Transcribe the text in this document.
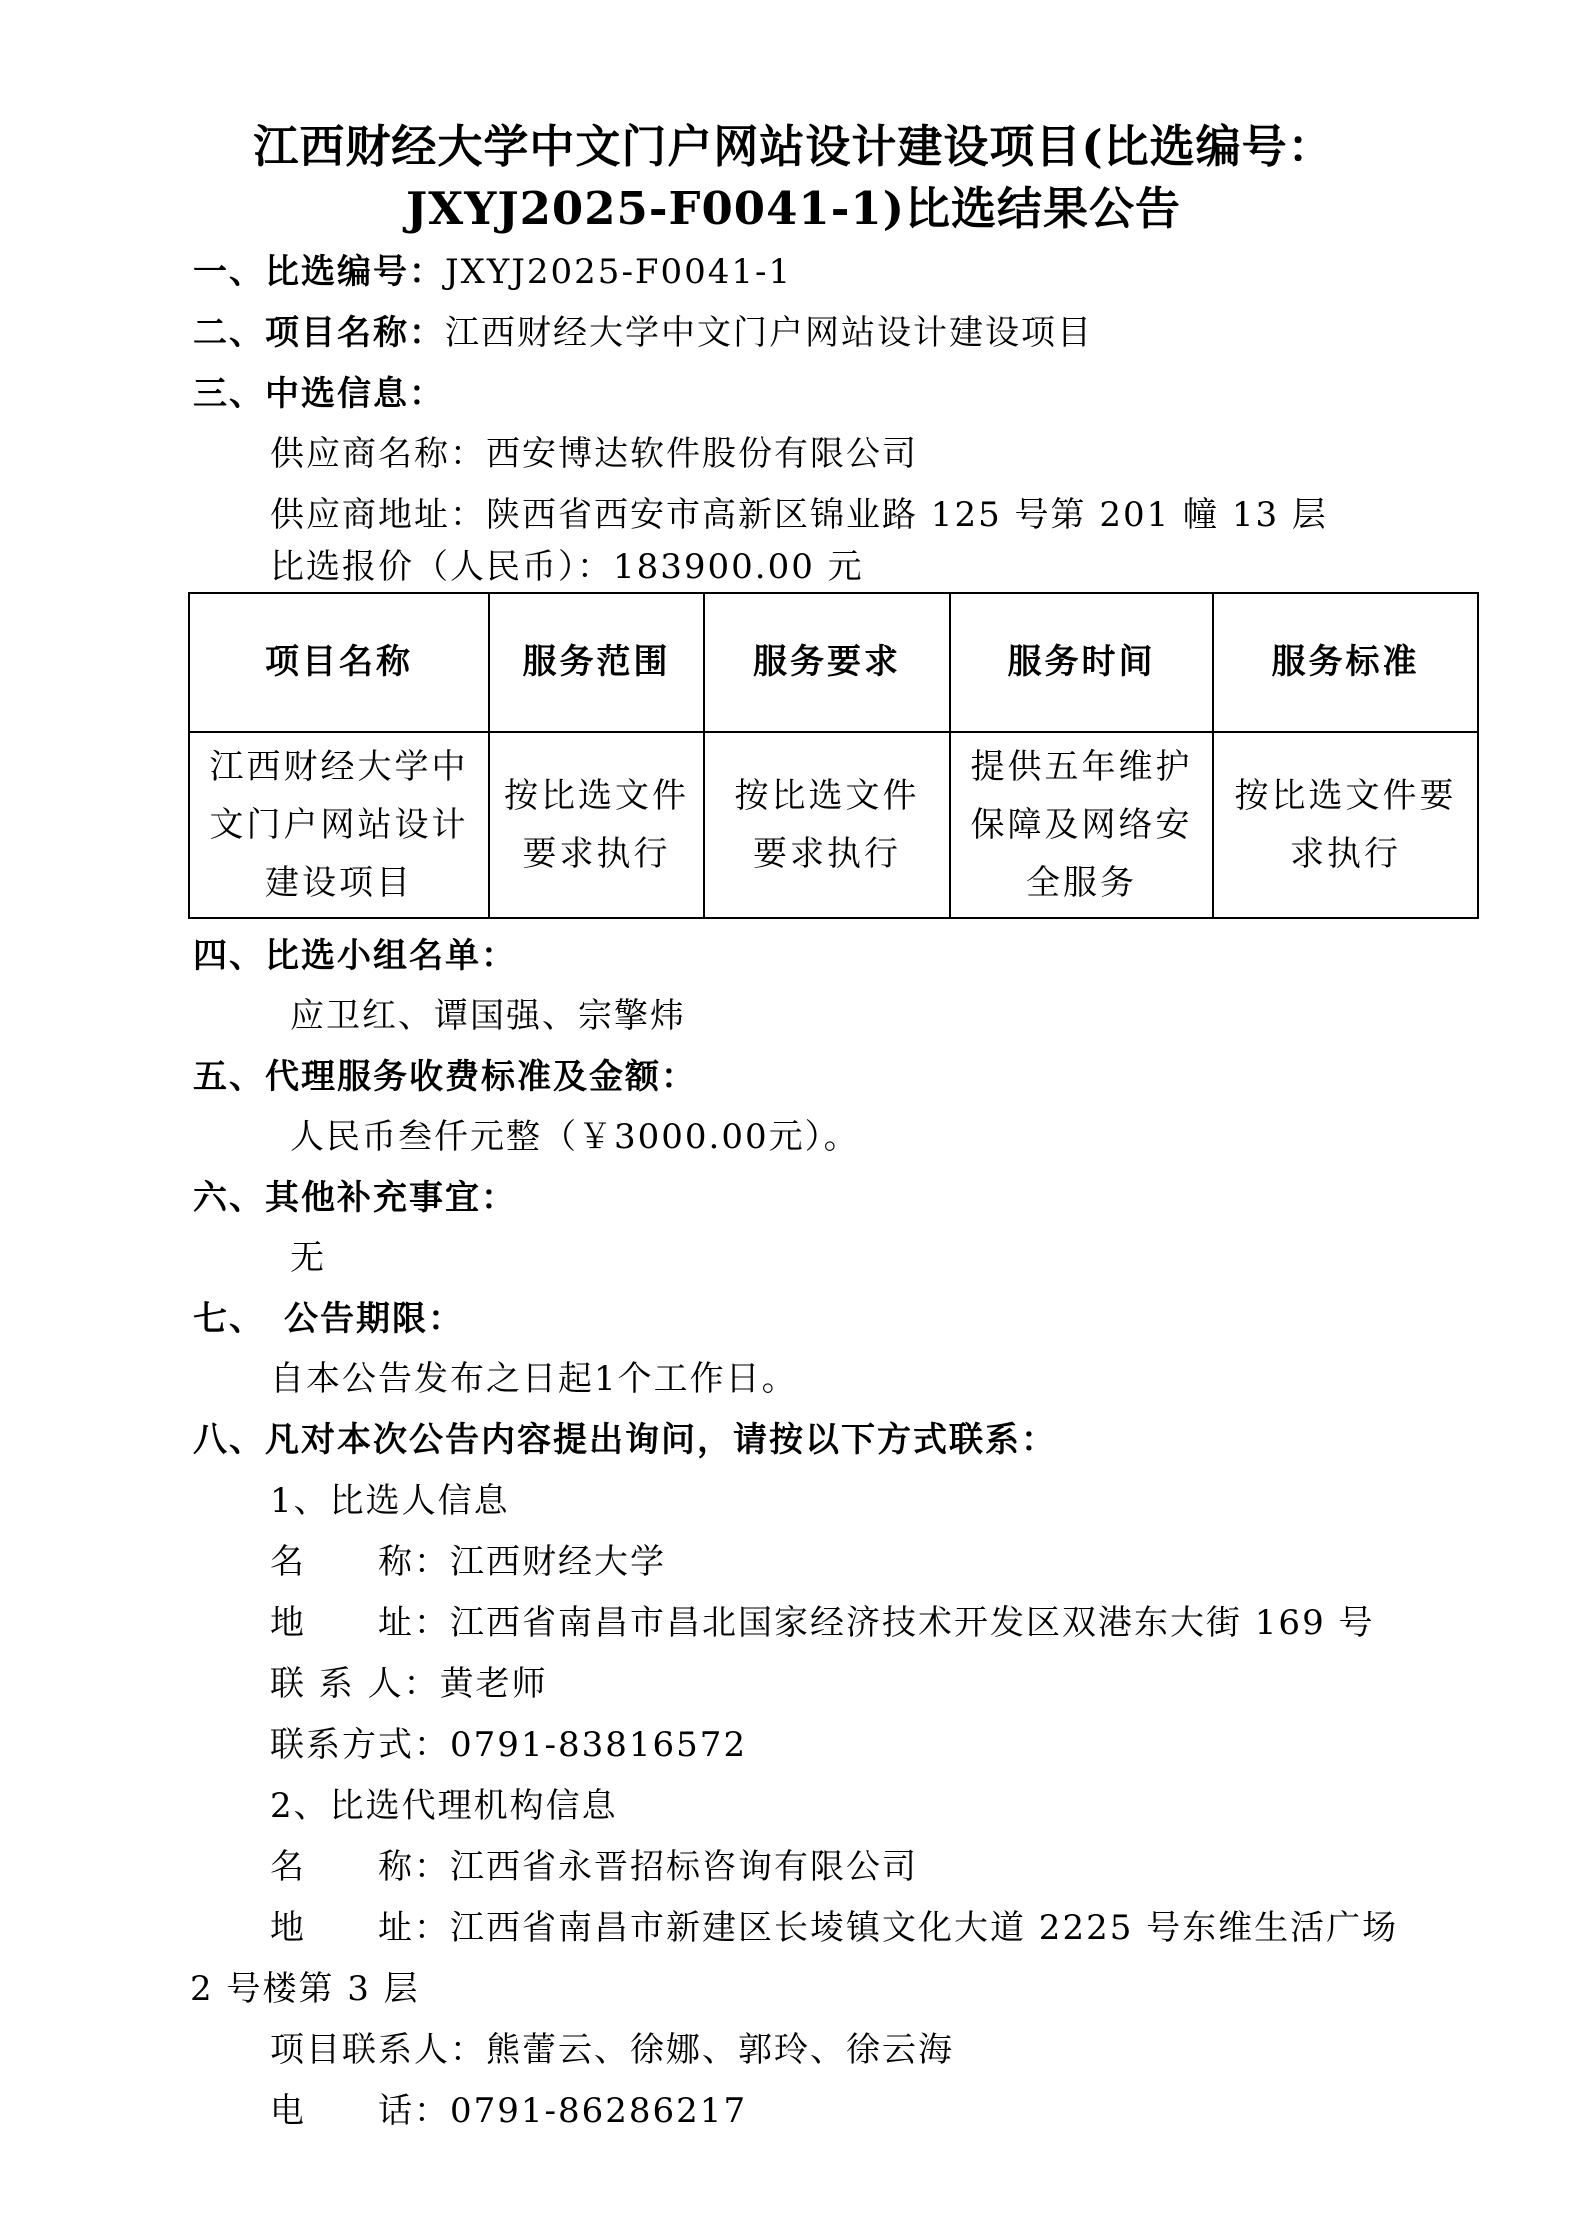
江西财经大学中文门户网站设计建设项目(比选编号：
JXYJ2025-F0041-1)比选结果公告
一、比选编号：JXYJ2025-F0041-1
二、项目名称：江西财经大学中文门户网站设计建设项目
三、中选信息：
供应商名称：西安博达软件股份有限公司
供应商地址：陕西省西安市高新区锦业路 125 号第 201 幢 13 层
比选报价（人民币）：183900.00 元
项目名称	服务范围	服务要求	服务时间	服务标准
江西财经大学中文门户网站设计建设项目	按比选文件要求执行	按比选文件要求执行	提供五年维护保障及网络安全服务	按比选文件要求执行
四、比选小组名单：
应卫红、谭国强、宗擎炜
五、代理服务收费标准及金额：
人民币叁仟元整（￥3000.00元）。
六、其他补充事宜：
无
七、　公告期限：
自本公告发布之日起1个工作日。
八、凡对本次公告内容提出询问，请按以下方式联系：
1、比选人信息
名　　称：江西财经大学
地　　址：江西省南昌市昌北国家经济技术开发区双港东大街 169 号
联 系 人：黄老师
联系方式：0791-83816572
2、比选代理机构信息
名　　称：江西省永晋招标咨询有限公司
地　　址：江西省南昌市新建区长堎镇文化大道 2225 号东维生活广场
2 号楼第 3 层
项目联系人：熊蕾云、徐娜、郭玲、徐云海
电　　话：0791-86286217
